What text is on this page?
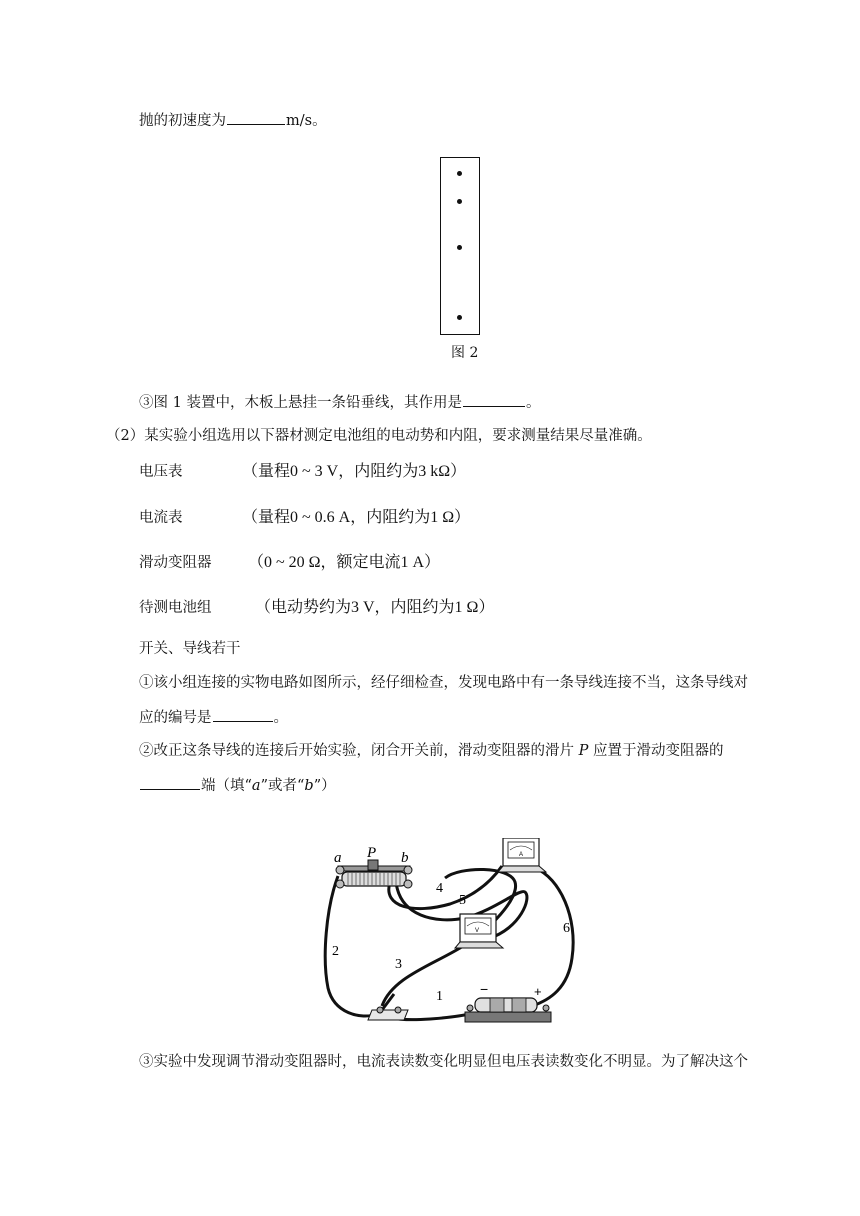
抛的初速度为	m/s。
图 2
③图 1 装置中，木板上悬挂一条铅垂线，其作用是	。
（2）某实验小组选用以下器材测定电池组的电动势和内阻，要求测量结果尽量准确。
电压表	（量程0 ~ 3 V，内阻约为3 kΩ）
电流表	（量程0 ~ 0.6 A，内阻约为1 Ω）
滑动变阻器 （0 ~ 20 Ω，额定电流1 A）
待测电池组	（电动势约为3 V，内阻约为1 Ω）
开关、导线若干
①该小组连接的实物电路如图所示，经仔细检查，发现电路中有一条导线连接不当，这条导线对
应的编号是	。
②改正这条导线的连接后开始实验，闭合开关前，滑动变阻器的滑片 P 应置于滑动变阻器的
端（填“a”或者“b”）
a P b	A
V
−	+
4
5
6
2
3
1
③实验中发现调节滑动变阻器时，电流表读数变化明显但电压表读数变化不明显。为了解决这个
